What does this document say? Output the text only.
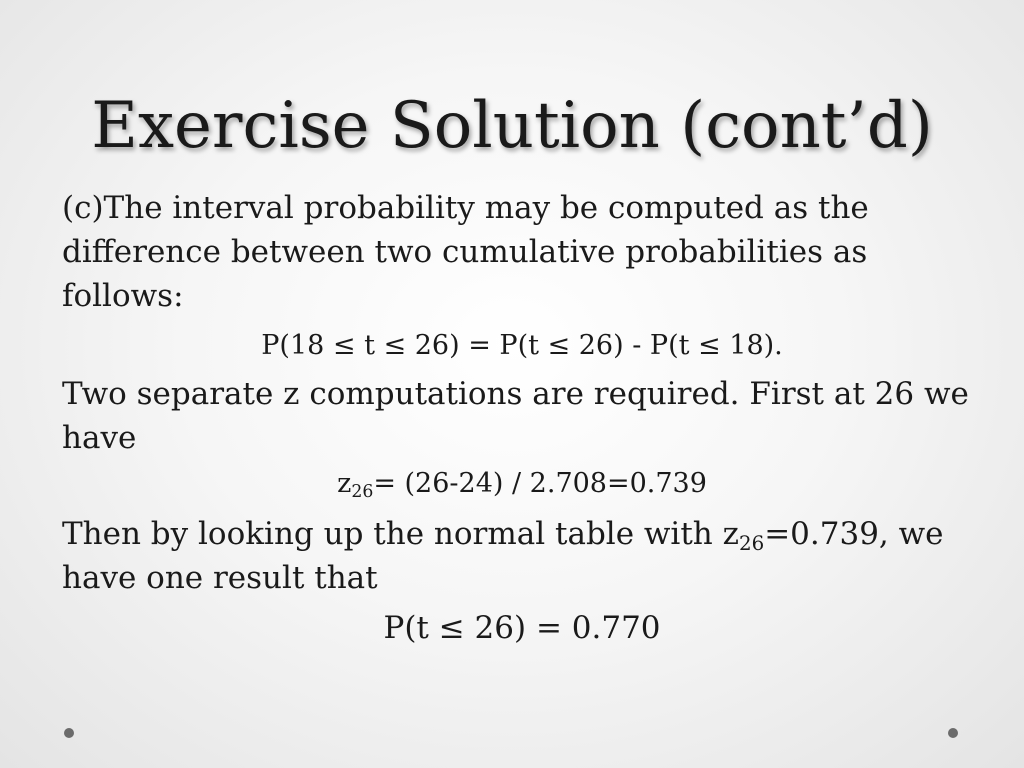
Exercise Solution (cont’d)

(c)The interval probability may be computed as the difference between two cumulative probabilities as follows:

P(18 ≤ t ≤ 26) = P(t ≤ 26) - P(t ≤ 18).

Two separate z computations are required. First at 26 we have

$z_{26}= (26-24) / 2.708=0.739$

Then by looking up the normal table with $z_{26}=0.739$, we have one result that

P(t ≤ 26) = 0.770
